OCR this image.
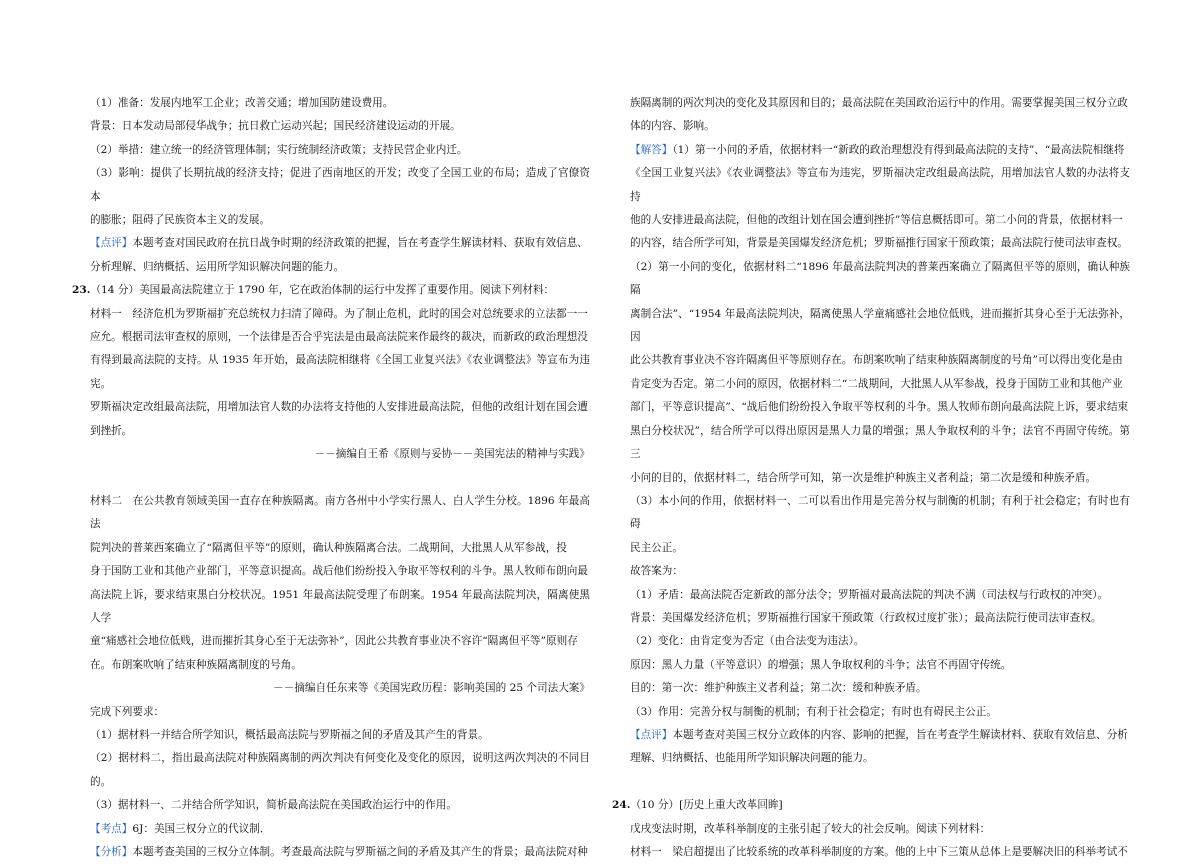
（1）准备：发展内地军工企业；改善交通；增加国防建设费用。

背景：日本发动局部侵华战争；抗日救亡运动兴起；国民经济建设运动的开展。

（2）举措：建立统一的经济管理体制；实行统制经济政策；支持民营企业内迁。

（3）影响：提供了长期抗战的经济支持；促进了西南地区的开发；改变了全国工业的布局；造成了官僚资本

的膨胀；阻碍了民族资本主义的发展。

【点评】本题考查对国民政府在抗日战争时期的经济政策的把握，旨在考查学生解读材料、获取有效信息、

分析理解、归纳概括、运用所学知识解决问题的能力。

23.（14 分）美国最高法院建立于 1790 年，它在政治体制的运行中发挥了重要作用。阅读下列材料：

材料一　经济危机为罗斯福扩充总统权力扫清了障碍。为了制止危机，此时的国会对总统要求的立法都一一

应允。根据司法审查权的原则，一个法律是否合乎宪法是由最高法院来作最终的裁决，而新政的政治理想没

有得到最高法院的支持。从 1935 年开始，最高法院相继将《全国工业复兴法》《农业调整法》等宣布为违宪。

罗斯福决定改组最高法院，用增加法官人数的办法将支持他的人安排进最高法院，但他的改组计划在国会遭

到挫折。

－－摘编自王希《原则与妥协－－美国宪法的精神与实践》

材料二　在公共教育领域美国一直存在种族隔离。南方各州中小学实行黑人、白人学生分校。1896 年最高法

院判决的普莱西案确立了“隔离但平等”的原则，确认种族隔离合法。二战期间，大批黑人从军参战，投

身于国防工业和其他产业部门，平等意识提高。战后他们纷纷投入争取平等权利的斗争。黑人牧师布朗向最

高法院上诉，要求结束黑白分校状况。1951 年最高法院受理了布朗案。1954 年最高法院判决，隔离使黑人学

童“痛感社会地位低贱，进而摧折其身心至于无法弥补”，因此公共教育事业决不容许“隔离但平等”原则存

在。布朗案吹响了结束种族隔离制度的号角。

－－摘编自任东来等《美国宪政历程：影响美国的 25 个司法大案》

完成下列要求：

（1）据材料一并结合所学知识，概括最高法院与罗斯福之间的矛盾及其产生的背景。

（2）据材料二，指出最高法院对种族隔离制的两次判决有何变化及变化的原因，说明这两次判决的不同目的。

（3）据材料一、二并结合所学知识，简析最高法院在美国政治运行中的作用。

【考点】6J：美国三权分立的代议制．

【分析】本题考查美国的三权分立体制。考查最高法院与罗斯福之间的矛盾及其产生的背景；最高法院对种

族隔离制的两次判决的变化及其原因和目的；最高法院在美国政治运行中的作用。需要掌握美国三权分立政

体的内容、影响。

【解答】（1）第一小问的矛盾，依据材料一“新政的政治理想没有得到最高法院的支持”、“最高法院相继将

《全国工业复兴法》《农业调整法》等宣布为违宪，罗斯福决定改组最高法院，用增加法官人数的办法将支持

他的人安排进最高法院，但他的改组计划在国会遭到挫折”等信息概括即可。第二小问的背景，依据材料一

的内容，结合所学可知，背景是美国爆发经济危机；罗斯福推行国家干预政策；最高法院行使司法审查权。

（2）第一小问的变化，依据材料二“1896 年最高法院判决的普莱西案确立了隔离但平等的原则，确认种族隔

离制合法”、“1954 年最高法院判决，隔离使黑人学童痛感社会地位低贱，进而摧折其身心至于无法弥补，因

此公共教育事业决不容许隔离但平等原则存在。布朗案吹响了结束种族隔离制度的号角”可以得出变化是由

肯定变为否定。第二小问的原因，依据材料二“二战期间，大批黑人从军参战，投身于国防工业和其他产业

部门，平等意识提高”、“战后他们纷纷投入争取平等权利的斗争。黑人牧师布朗向最高法院上诉，要求结束

黑白分校状况”，结合所学可以得出原因是黑人力量的增强；黑人争取权利的斗争；法官不再固守传统。第三

小问的目的，依据材料二，结合所学可知，第一次是维护种族主义者利益；第二次是缓和种族矛盾。

（3）本小问的作用，依据材料一、二可以看出作用是完善分权与制衡的机制；有利于社会稳定；有时也有碍

民主公正。

故答案为：

（1）矛盾：最高法院否定新政的部分法令；罗斯福对最高法院的判决不满（司法权与行政权的冲突）。

背景：美国爆发经济危机；罗斯福推行国家干预政策（行政权过度扩张）；最高法院行使司法审查权。

（2）变化：由肯定变为否定（由合法变为违法）。

原因：黑人力量（平等意识）的增强；黑人争取权利的斗争；法官不再固守传统。

目的：第一次：维护种族主义者利益；第二次：缓和种族矛盾。

（3）作用：完善分权与制衡的机制；有利于社会稳定；有时也有碍民主公正。

【点评】本题考查对美国三权分立政体的内容、影响的把握，旨在考查学生解读材料、获取有效信息、分析

理解、归纳概括、也能用所学知识解决问题的能力。

24.（10 分）[历史上重大改革回眸]

戊戌变法时期，改革科举制度的主张引起了较大的社会反响。阅读下列材料：

材料一　梁启超提出了比较系统的改革科举制度的方案。他的上中下三策从总体上是要解决旧的科举考试不
